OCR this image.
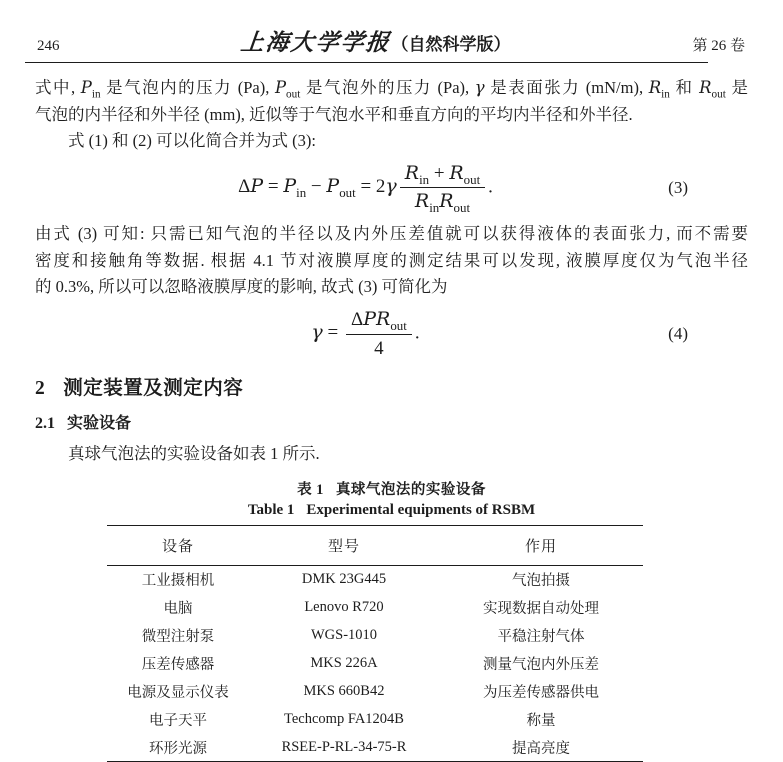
246	上海大学学报（自然科学版）	第 26 卷

式中, $P_{in}$ 是气泡内的压力 (Pa), $P_{out}$ 是气泡外的压力 (Pa), γ 是表面张力 (mN/m), $R_{in}$ 和 $R_{out}$ 是

气泡的内半径和外半径 (mm), 近似等于气泡水平和垂直方向的平均内半径和外半径.

式 (1) 和 (2) 可以化简合并为式 (3):

$\Delta P = P_{in} - P_{out} = 2\gamma \frac{R_{in} + R_{out}}{R_{in}R_{out}}$ .	(3)

由式 (3) 可知: 只需已知气泡的半径以及内外压差值就可以获得液体的表面张力, 而不需要

密度和接触角等数据. 根据 4.1 节对液膜厚度的测定结果可以发现, 液膜厚度仅为气泡半径

的 0.3%, 所以可以忽略液膜厚度的影响, 故式 (3) 可简化为

$\gamma = \frac{\Delta PR_{out}}{4}$ .	(4)
2 测定装置及测定内容
2.1 实验设备

真球气泡法的实验设备如表 1 所示.

表 1 真球气泡法的实验设备
Table 1 Experimental equipments of RSBM
设备	型号	作用
工业摄相机	DMK 23G445	气泡拍摄
电脑	Lenovo R720	实现数据自动处理
微型注射泵	WGS-1010	平稳注射气体
压差传感器	MKS 226A	测量气泡内外压差
电源及显示仪表	MKS 660B42	为压差传感器供电
电子天平	Techcomp FA1204B	称量
环形光源	RSEE-P-RL-34-75-R	提高亮度
